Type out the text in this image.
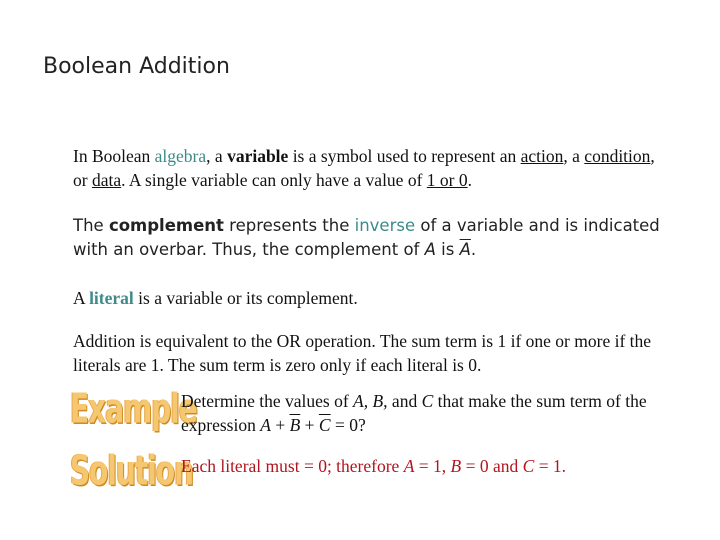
Boolean Addition
In Boolean algebra, a variable is a symbol used to represent an action, a condition, or data. A single variable can only have a value of 1 or 0.
The complement represents the inverse of a variable and is indicated with an overbar. Thus, the complement of A is $\overline{A}$.
A literal is a variable or its complement.
Addition is equivalent to the OR operation. The sum term is 1 if one or more if the literals are 1. The sum term is zero only if each literal is 0.
Example
Solution
Determine the values of A, B, and C that make the sum term of the expression $A + \overline{B} + \overline{C} = 0$?
Each literal must = 0; therefore A = 1, B = 0 and C = 1.
